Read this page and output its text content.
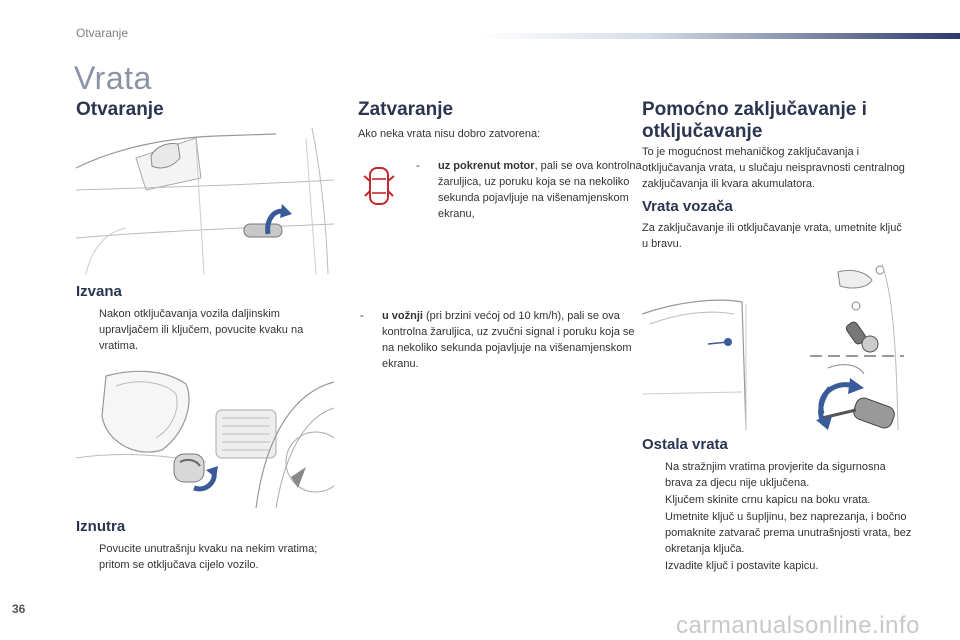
Otvaranje
Vrata
Otvaranje
Izvana
Nakon otključavanja vozila daljinskim upravljačem ili ključem, povucite kvaku na vratima.
Iznutra
Povucite unutrašnju kvaku na nekim vratima; pritom se otključava cijelo vozilo.
Zatvaranje
Ako neka vrata nisu dobro zatvorena:
- uz pokrenut motor, pali se ova kontrolna žaruljica, uz poruku koja se na nekoliko sekunda pojavljuje na višenamjenskom ekranu,
- u vožnji (pri brzini većoj od 10 km/h), pali se ova kontrolna žaruljica, uz zvučni signal i poruku koja se na nekoliko sekunda pojavljuje na višenamjenskom ekranu.
Pomoćno zaključavanje i otključavanje
To je mogućnost mehaničkog zaključavanja i otključavanja vrata, u slučaju neispravnosti centralnog zaključavanja ili kvara akumulatora.
Vrata vozača
Za zaključavanje ili otključavanje vrata, umetnite ključ u bravu.
Ostala vrata
Na stražnjim vratima provjerite da sigurnosna brava za djecu nije uključena.
Ključem skinite crnu kapicu na boku vrata.
Umetnite ključ u šupljinu, bez naprezanja, i bočno pomaknite zatvarač prema unutrašnjosti vrata, bez okretanja ključa.
Izvadite ključ i postavite kapicu.
36
carmanualsonline.info
